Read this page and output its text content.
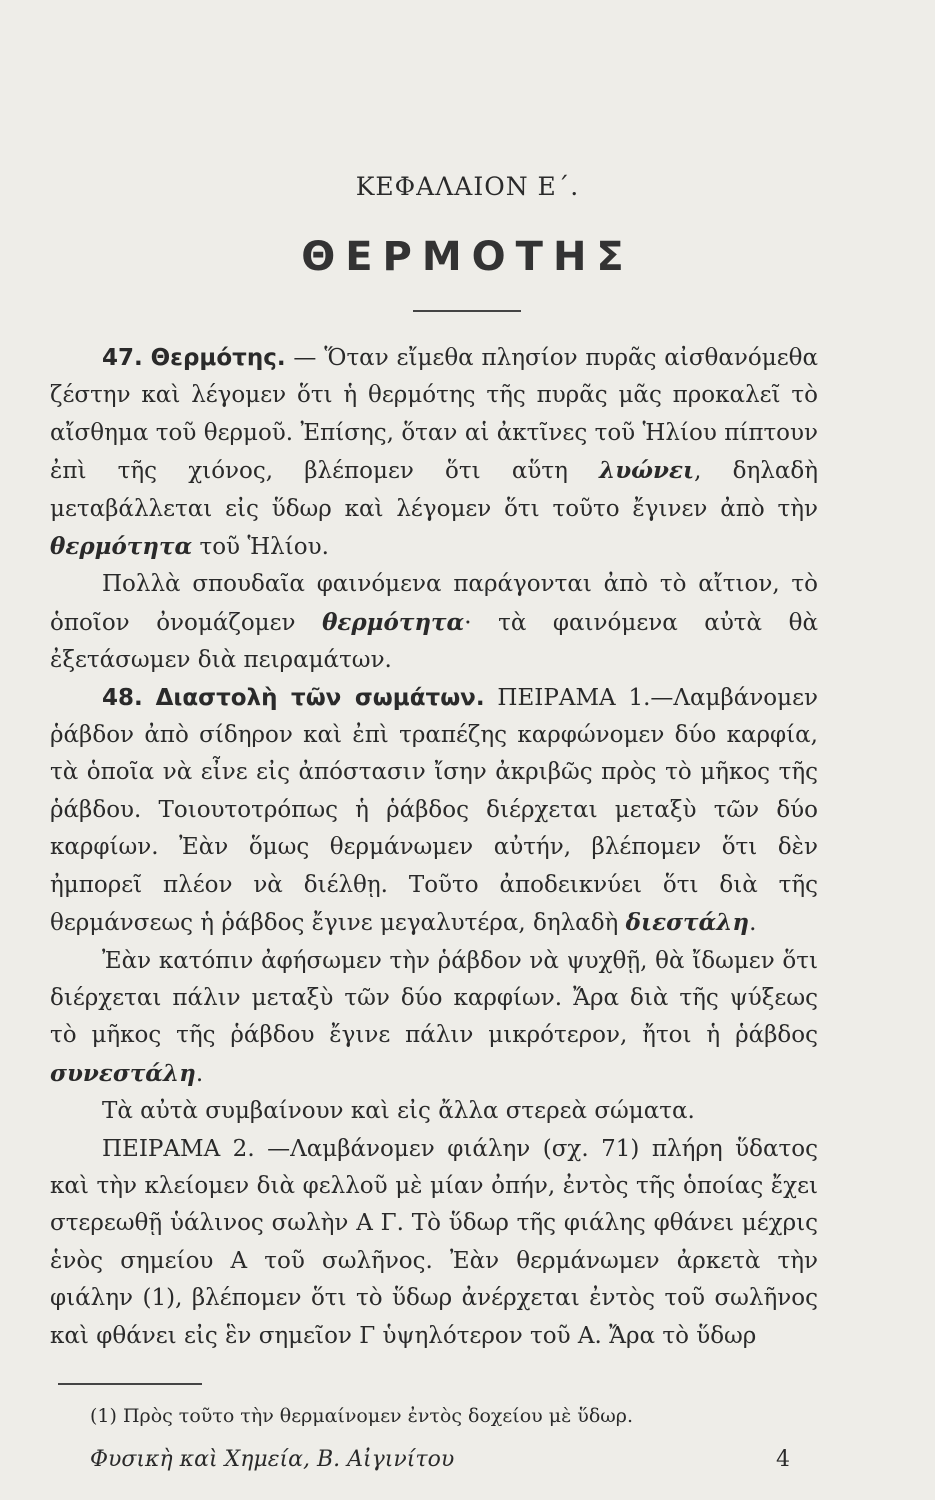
ΚΕΦΑΛΑΙΟΝ Ε΄.
ΘΕΡΜΟΤΗΣ

47. Θερμότης. — Ὅταν εἴμεθα πλησίον πυρᾶς αἰσθανόμεθα ζέστην καὶ λέγομεν ὅτι ἡ θερμότης τῆς πυρᾶς μᾶς προκαλεῖ τὸ αἴσθημα τοῦ θερμοῦ. Ἐπίσης, ὅταν αἱ ἀκτῖνες τοῦ Ἡλίου πίπτουν ἐπὶ τῆς χιόνος, βλέπομεν ὅτι αὕτη λυώνει, δηλαδὴ μεταβάλλεται εἰς ὕδωρ καὶ λέγομεν ὅτι τοῦτο ἔγινεν ἀπὸ τὴν θερμότητα τοῦ Ἡλίου.

Πολλὰ σπουδαῖα φαινόμενα παράγονται ἀπὸ τὸ αἴτιον, τὸ ὁποῖον ὀνομάζομεν θερμότητα· τὰ φαινόμενα αὐτὰ θὰ ἐξετάσωμεν διὰ πειραμάτων.

48. Διαστολὴ τῶν σωμάτων. ΠΕΙΡΑΜΑ 1.—Λαμβάνομεν ῥάβδον ἀπὸ σίδηρον καὶ ἐπὶ τραπέζης καρφώνομεν δύο καρφία, τὰ ὁποῖα νὰ εἶνε εἰς ἀπόστασιν ἴσην ἀκριβῶς πρὸς τὸ μῆκος τῆς ῥάβδου. Τοιουτοτρόπως ἡ ῥάβδος διέρχεται μεταξὺ τῶν δύο καρφίων. Ἐὰν ὅμως θερμάνωμεν αὐτήν, βλέπομεν ὅτι δὲν ἠμπορεῖ πλέον νὰ διέλθῃ. Τοῦτο ἀποδεικνύει ὅτι διὰ τῆς θερμάνσεως ἡ ῥάβδος ἔγινε μεγαλυτέρα, δηλαδὴ διεστάλη.

Ἐὰν κατόπιν ἀφήσωμεν τὴν ῥάβδον νὰ ψυχθῇ, θὰ ἴδωμεν ὅτι διέρχεται πάλιν μεταξὺ τῶν δύο καρφίων. Ἄρα διὰ τῆς ψύξεως τὸ μῆκος τῆς ῥάβδου ἔγινε πάλιν μικρότερον, ἤτοι ἡ ῥάβδος συνεστάλη.

Τὰ αὐτὰ συμβαίνουν καὶ εἰς ἄλλα στερεὰ σώματα.

ΠΕΙΡΑΜΑ 2. —Λαμβάνομεν φιάλην (σχ. 71) πλήρη ὕδατος καὶ τὴν κλείομεν διὰ φελλοῦ μὲ μίαν ὀπήν, ἐντὸς τῆς ὁποίας ἔχει στερεωθῇ ὑάλινος σωλὴν Α Γ. Τὸ ὕδωρ τῆς φιάλης φθάνει μέχρις ἑνὸς σημείου Α τοῦ σωλῆνος. Ἐὰν θερμάνωμεν ἀρκετὰ τὴν φιάλην (1), βλέπομεν ὅτι τὸ ὕδωρ ἀνέρχεται ἐντὸς τοῦ σωλῆνος καὶ φθάνει εἰς ἓν σημεῖον Γ ὑψηλότερον τοῦ Α. Ἄρα τὸ ὕδωρ

(1) Πρὸς τοῦτο τὴν θερμαίνομεν ἐντὸς δοχείου μὲ ὕδωρ.
Φυσικὴ καὶ Χημεία, Β. Αἰγινίτου	4
